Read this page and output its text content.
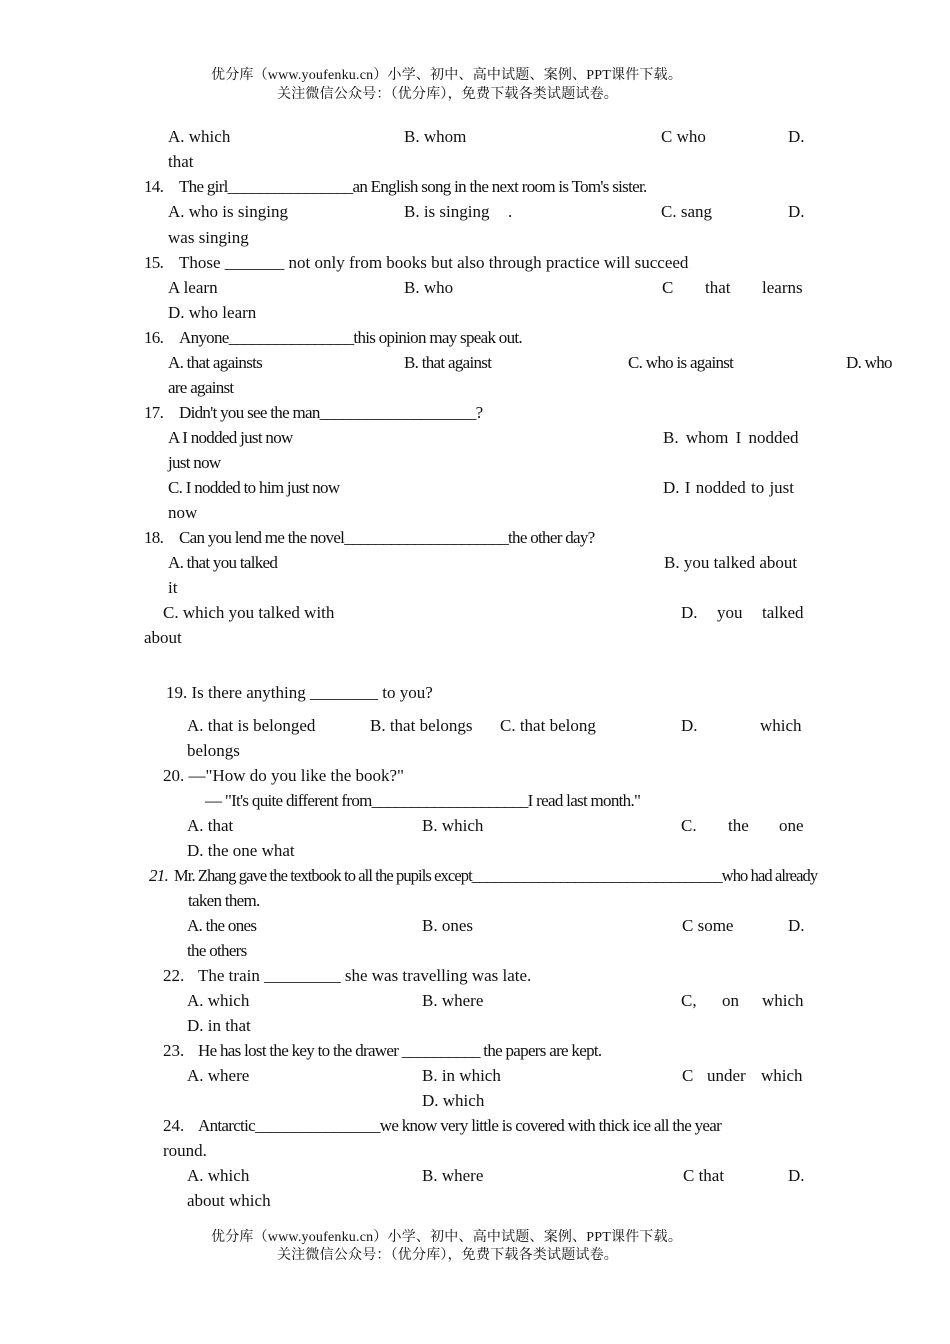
优分库（www.youfenku.cn）小学、初中、高中试题、案例、PPT课件下载。
关注微信公众号：（优分库），免费下载各类试题试卷。
A. which	B. whom	C who	D.
that
14. The girl________________an English song in the next room is Tom's sister.
A. who is singing	B. is singing .	C. sang	D.
was singing
15. Those _______ not only from books but also through practice will succeed
A learn	B. who	C that learns
D. who learn
16. Anyone________________this opinion may speak out.
A. that againsts	B. that against	C. who is against	D. who
are against
17. Didn't you see the man____________________?
A I nodded just now	B. whom I nodded
just now
C. I nodded to him just now	D. I nodded to just
now
18. Can you lend me the novel_____________________the other day?
A. that you talked	B. you talked about
it
C. which you talked with	D. you talked
about
19. Is there anything ________ to you?
A. that is belonged	B. that belongs C. that belong	D.	which
belongs
20. —"How do you like the book?"
— "It's quite different from____________________I read last month."
A. that	B. which	C. the one
D. the one what
21. Mr. Zhang gave the textbook to all the pupils except__________________________________who had already
taken them.
A. the ones	B. ones	C some	D.
the others
22. The train _________ she was travelling was late.
A. which	B. where	C, on which
D. in that
23. He has lost the key to the drawer __________ the papers are kept.
A. where	B. in which	C under which
D. which
24. Antarctic________________we know very little is covered with thick ice all the year
round.
A. which	B. where	C that	D.
about which
优分库（www.youfenku.cn）小学、初中、高中试题、案例、PPT课件下载。
关注微信公众号：（优分库），免费下载各类试题试卷。
